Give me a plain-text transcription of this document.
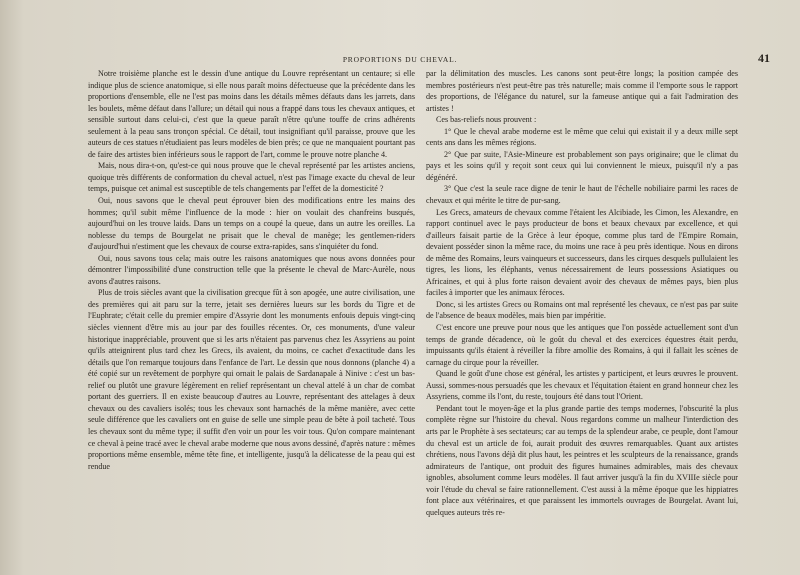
PROPORTIONS DU CHEVAL.	41

Notre troisième planche est le dessin d'une antique du Louvre représentant un centaure; si elle indique plus de science anatomique, si elle nous paraît moins défectueuse que la précédente dans les proportions d'ensemble, elle ne l'est pas moins dans les détails mêmes défauts dans les jarrets, dans les boulets, même défaut dans l'allure; un détail qui nous a frappé dans tous les chevaux antiques, et sensible surtout dans celui-ci, c'est que la queue paraît n'être qu'une touffe de crins adhérents seulement à la peau sans tronçon spécial. Ce détail, tout insignifiant qu'il paraisse, prouve que les auteurs de ces statues n'étudiaient pas leurs modèles de bien près; ce que ne manquaient pourtant pas de faire des artistes bien inférieurs sous le rapport de l'art, comme le prouve notre planche 4.

Mais, nous dira-t-on, qu'est-ce qui nous prouve que le cheval représenté par les artistes anciens, quoique très différents de conformation du cheval actuel, n'est pas l'image exacte du cheval de leur temps, puisque cet animal est susceptible de tels changements par l'effet de la domesticité ?

Oui, nous savons que le cheval peut éprouver bien des modifications entre les mains des hommes; qu'il subit même l'influence de la mode : hier on voulait des chanfreins busqués, aujourd'hui on les trouve laids. Dans un temps on a coupé la queue, dans un autre les oreilles. La noblesse du temps de Bourgelat ne prisait que le cheval de manège; les gentlemen-riders d'aujourd'hui n'estiment que les chevaux de course extra-rapides, sans s'inquiéter du fond.

Oui, nous savons tous cela; mais outre les raisons anatomiques que nous avons données pour démontrer l'impossibilité d'une construction telle que la présente le cheval de Marc-Aurèle, nous avons d'autres raisons.

Plus de trois siècles avant que la civilisation grecque fût à son apogée, une autre civilisation, une des premières qui ait paru sur la terre, jetait ses dernières lueurs sur les bords du Tigre et de l'Euphrate; c'était celle du premier empire d'Assyrie dont les monuments enfouis depuis vingt-cinq siècles viennent d'être mis au jour par des fouilles récentes. Or, ces monuments, d'une valeur historique inappréciable, prouvent que si les arts n'étaient pas parvenus chez les Assyriens au point qu'ils atteignirent plus tard chez les Grecs, ils avaient, du moins, ce cachet d'exactitude dans les détails que l'on remarque toujours dans l'enfance de l'art. Le dessin que nous donnons (planche 4) a été copié sur un revêtement de porphyre qui ornait le palais de Sardanapale à Ninive : c'est un bas-relief ou plutôt une gravure légèrement en relief représentant un cheval attelé à un char de combat portant des guerriers. Il en existe beaucoup d'autres au Louvre, représentant des attelages à deux chevaux ou des cavaliers isolés; tous les chevaux sont harnachés de la même manière, avec cette seule différence que les cavaliers ont en guise de selle une simple peau de bête à poil tacheté. Tous les chevaux sont du même type; il suffit d'en voir un pour les voir tous. Qu'on compare maintenant ce cheval à peine tracé avec le cheval arabe moderne que nous avons dessiné, d'après nature : mêmes proportions même ensemble, même tête fine, et intelligente, jusqu'à la délicatesse de la peau qui est rendue

par la délimitation des muscles. Les canons sont peut-être longs; la position campée des membres postérieurs n'est peut-être pas très naturelle; mais comme il l'emporte sous le rapport des proportions, de l'élégance du naturel, sur la fameuse antique qui a fait l'admiration des artistes !

Ces bas-reliefs nous prouvent :

1° Que le cheval arabe moderne est le même que celui qui existait il y a deux mille sept cents ans dans les mêmes régions.

2° Que par suite, l'Asie-Mineure est probablement son pays originaire; que le climat du pays et les soins qu'il y reçoit sont ceux qui lui conviennent le mieux, puisqu'il n'y a pas dégénéré.

3° Que c'est la seule race digne de tenir le haut de l'échelle nobiliaire parmi les races de chevaux et qui mérite le titre de pur-sang.

Les Grecs, amateurs de chevaux comme l'étaient les Alcibiade, les Cimon, les Alexandre, en rapport continuel avec le pays producteur de bons et beaux chevaux par excellence, et qui d'ailleurs faisait partie de la Grèce à leur époque, comme plus tard de l'Empire Romain, devaient posséder sinon la même race, du moins une race à peu près identique. Nous en dirons de même des Romains, leurs vainqueurs et successeurs, dans les cirques desquels pullulaient les tigres, les lions, les éléphants, venus nécessairement de leurs possessions Asiatiques ou Africaines, et qui à plus forte raison devaient avoir des chevaux de mêmes pays, bien plus faciles à importer que les animaux féroces.

Donc, si les artistes Grecs ou Romains ont mal représenté les chevaux, ce n'est pas par suite de l'absence de beaux modèles, mais bien par impéritie.

C'est encore une preuve pour nous que les antiques que l'on possède actuellement sont d'un temps de grande décadence, où le goût du cheval et des exercices équestres était perdu, impuissants qu'ils étaient à réveiller la fibre amollie des Romains, à qui il fallait les scènes de carnage du cirque pour la réveiller.

Quand le goût d'une chose est général, les artistes y participent, et leurs œuvres le prouvent. Aussi, sommes-nous persuadés que les chevaux et l'équitation étaient en grand honneur chez les Assyriens, comme ils l'ont, du reste, toujours été dans tout l'Orient.

Pendant tout le moyen-âge et la plus grande partie des temps modernes, l'obscurité la plus complète règne sur l'histoire du cheval. Nous regardons comme un malheur l'interdiction des arts par le Prophète à ses sectateurs; car au temps de la splendeur arabe, ce peuple, dont l'amour du cheval est un article de foi, aurait produit des œuvres remarquables. Quant aux artistes chrétiens, nous l'avons déjà dit plus haut, les peintres et les sculpteurs de la renaissance, grands admirateurs de l'antique, ont produit des figures humaines admirables, mais des chevaux ignobles, absolument comme leurs modèles. Il faut arriver jusqu'à la fin du XVIIIe siècle pour voir l'étude du cheval se faire rationnellement. C'est aussi à la même époque que les hippiatres font place aux vétérinaires, et que paraissent les immortels ouvrages de Bourgelat. Avant lui, quelques auteurs très re-
